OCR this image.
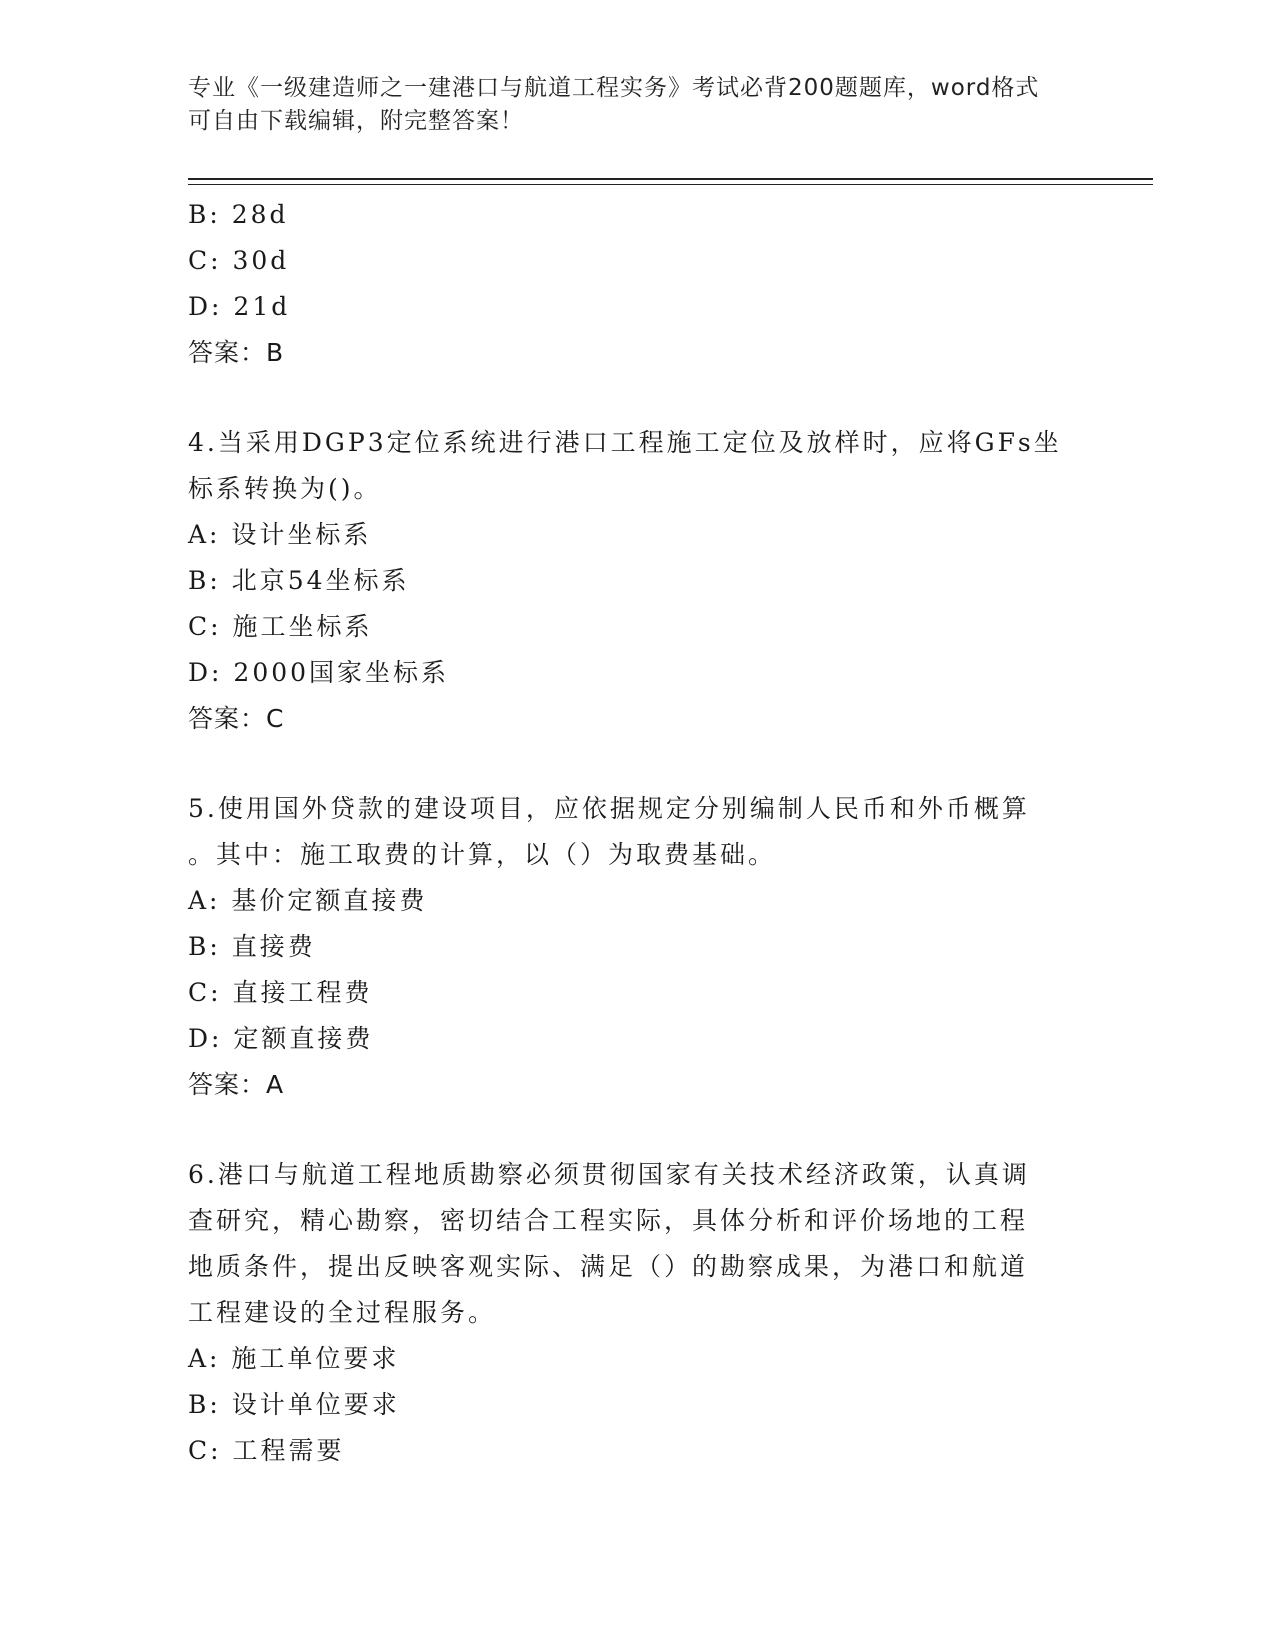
专业《一级建造师之一建港口与航道工程实务》考试必背200题题库，word格式
可自由下载编辑，附完整答案！
B: 28d
C: 30d
D: 21d
答案：B
4.当采用DGP3定位系统进行港口工程施工定位及放样时，应将GFs坐
标系转换为()。
A: 设计坐标系
B: 北京54坐标系
C: 施工坐标系
D: 2000国家坐标系
答案：C
5.使用国外贷款的建设项目，应依据规定分别编制人民币和外币概算
。其中：施工取费的计算，以（）为取费基础。
A: 基价定额直接费
B: 直接费
C: 直接工程费
D: 定额直接费
答案：A
6.港口与航道工程地质勘察必须贯彻国家有关技术经济政策，认真调
查研究，精心勘察，密切结合工程实际，具体分析和评价场地的工程
地质条件，提出反映客观实际、满足（）的勘察成果，为港口和航道
工程建设的全过程服务。
A: 施工单位要求
B: 设计单位要求
C: 工程需要
